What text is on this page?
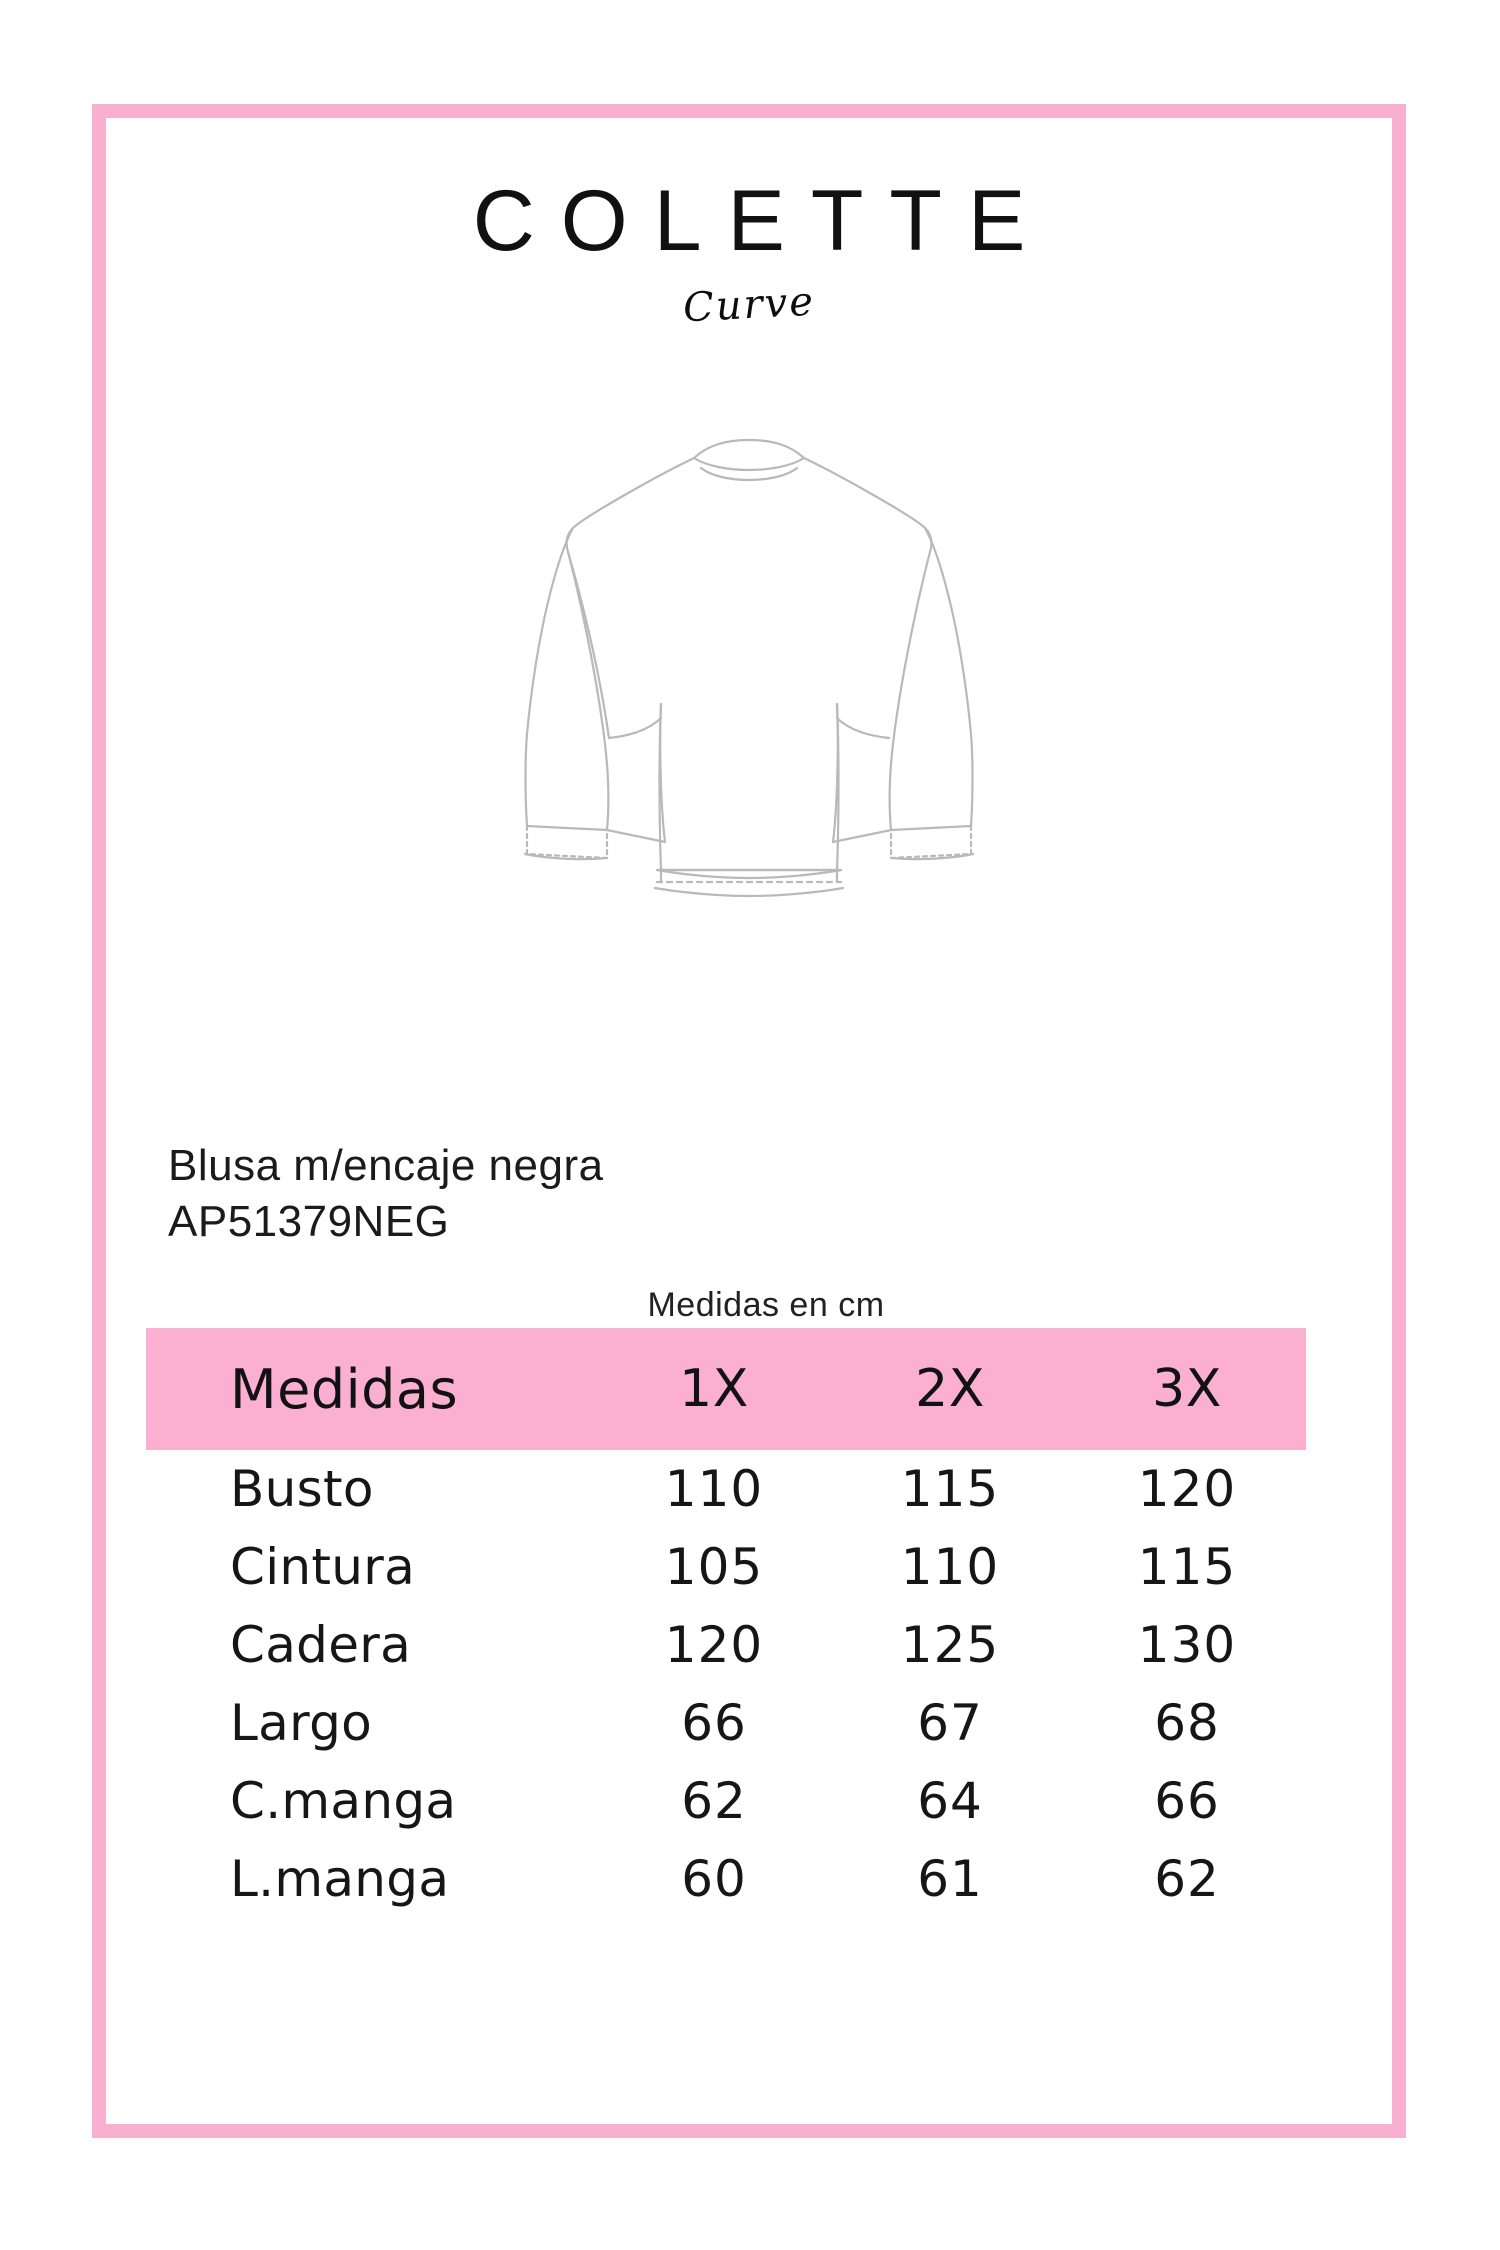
COLETTE
Curve
Blusa m/encaje negra
AP51379NEG
Medidas en cm
Medidas	1X	2X	3X
Busto	110	115	120
Cintura	105	110	115
Cadera	120	125	130
Largo	66	67	68
C.manga	62	64	66
L.manga	60	61	62
